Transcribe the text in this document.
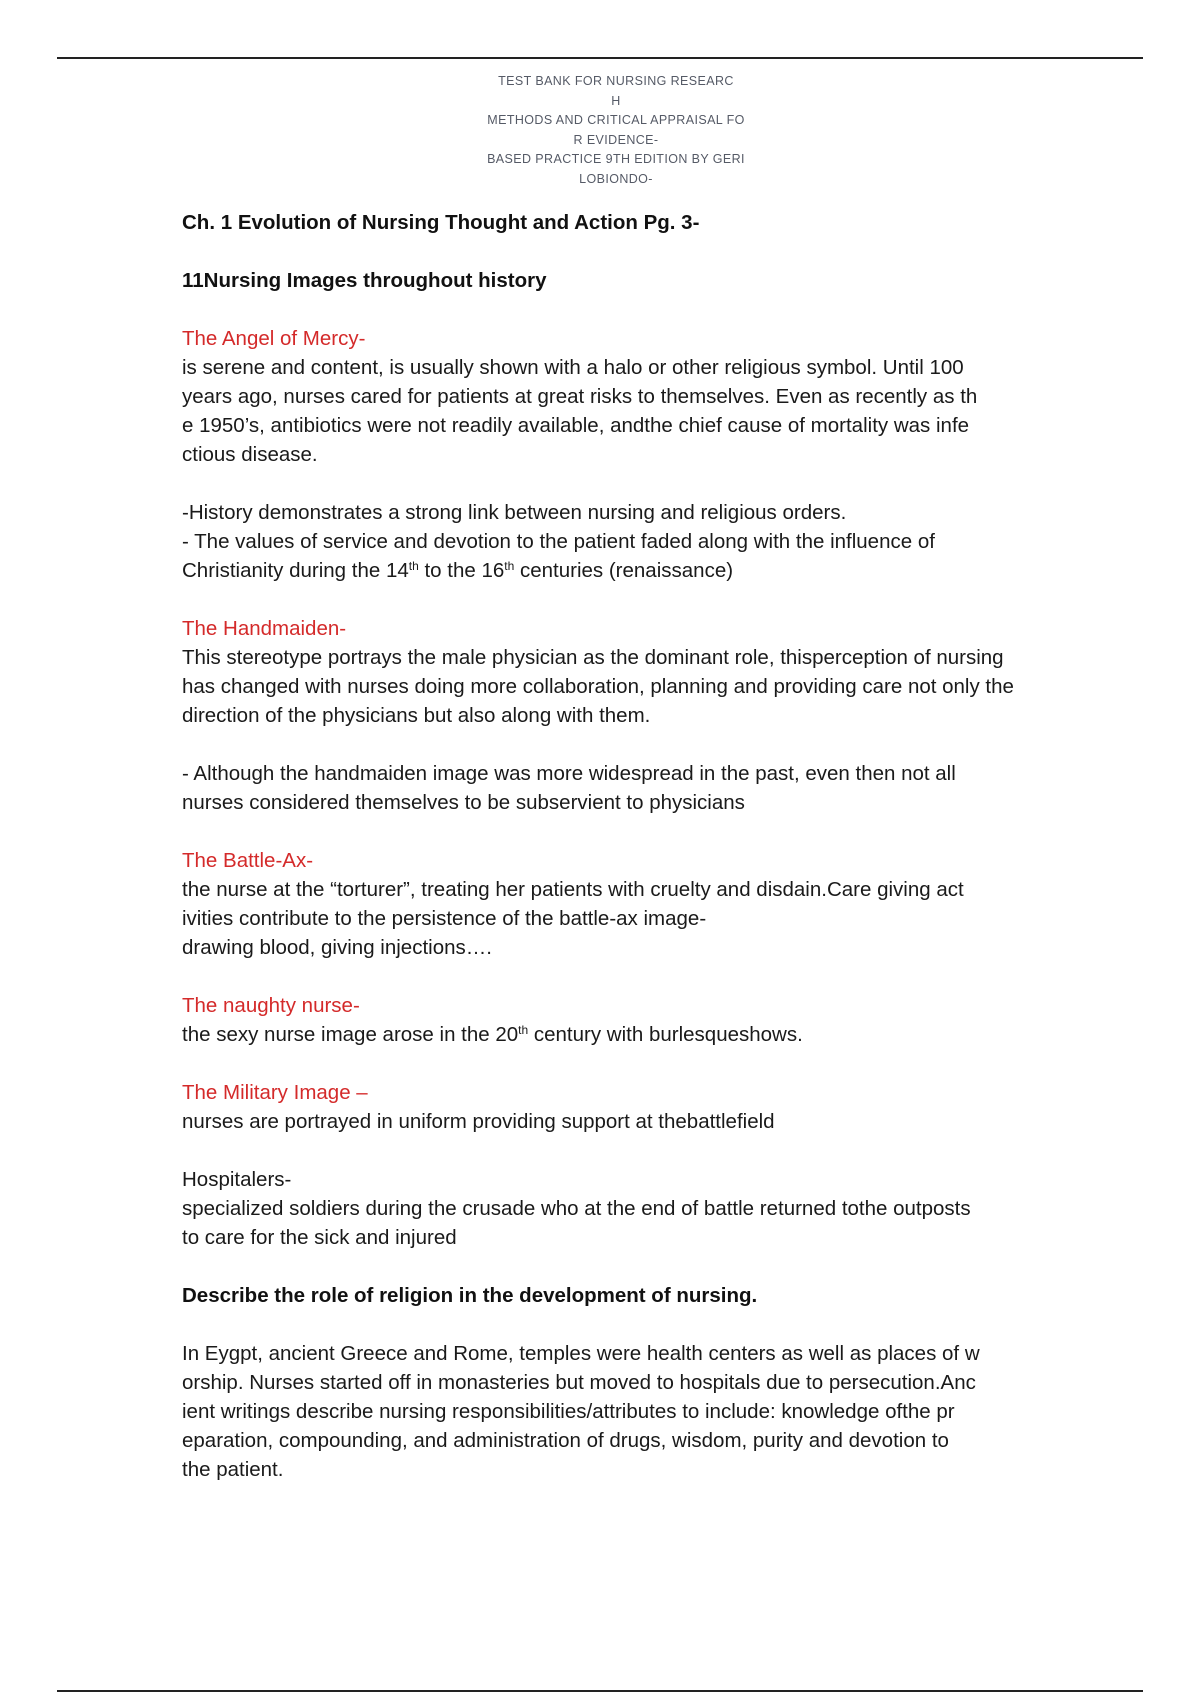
TEST BANK FOR NURSING RESEARC
H
METHODS AND CRITICAL APPRAISAL FO
R EVIDENCE-
BASED PRACTICE 9TH EDITION BY GERI
LOBIONDO-

Ch. 1 Evolution of Nursing Thought and Action Pg. 3-

11Nursing Images throughout history

The Angel of Mercy-

is serene and content, is usually shown with a halo or other religious symbol. Until 100

years ago, nurses cared for patients at great risks to themselves. Even as recently as th

e 1950’s, antibiotics were not readily available, andthe chief cause of mortality was infe

ctious disease.

-History demonstrates a strong link between nursing and religious orders.

- The values of service and devotion to the patient faded along with the influence of

Christianity during the 14th to the 16th centuries (renaissance)

The Handmaiden-

This stereotype portrays the male physician as the dominant role, thisperception of nursing

has changed with nurses doing more collaboration, planning and providing care not only the

direction of the physicians but also along with them.

- Although the handmaiden image was more widespread in the past, even then not all

nurses considered themselves to be subservient to physicians

The Battle-Ax-

the nurse at the “torturer”, treating her patients with cruelty and disdain.Care giving act

ivities contribute to the persistence of the battle-ax image-

drawing blood, giving injections….

The naughty nurse-

the sexy nurse image arose in the 20th century with burlesqueshows.

The Military Image –

nurses are portrayed in uniform providing support at thebattlefield

Hospitalers-

specialized soldiers during the crusade who at the end of battle returned tothe outposts

to care for the sick and injured

Describe the role of religion in the development of nursing.

In Eygpt, ancient Greece and Rome, temples were health centers as well as places of w

orship. Nurses started off in monasteries but moved to hospitals due to persecution.Anc

ient writings describe nursing responsibilities/attributes to include: knowledge ofthe pr

eparation, compounding, and administration of drugs, wisdom, purity and devotion to

the patient.
